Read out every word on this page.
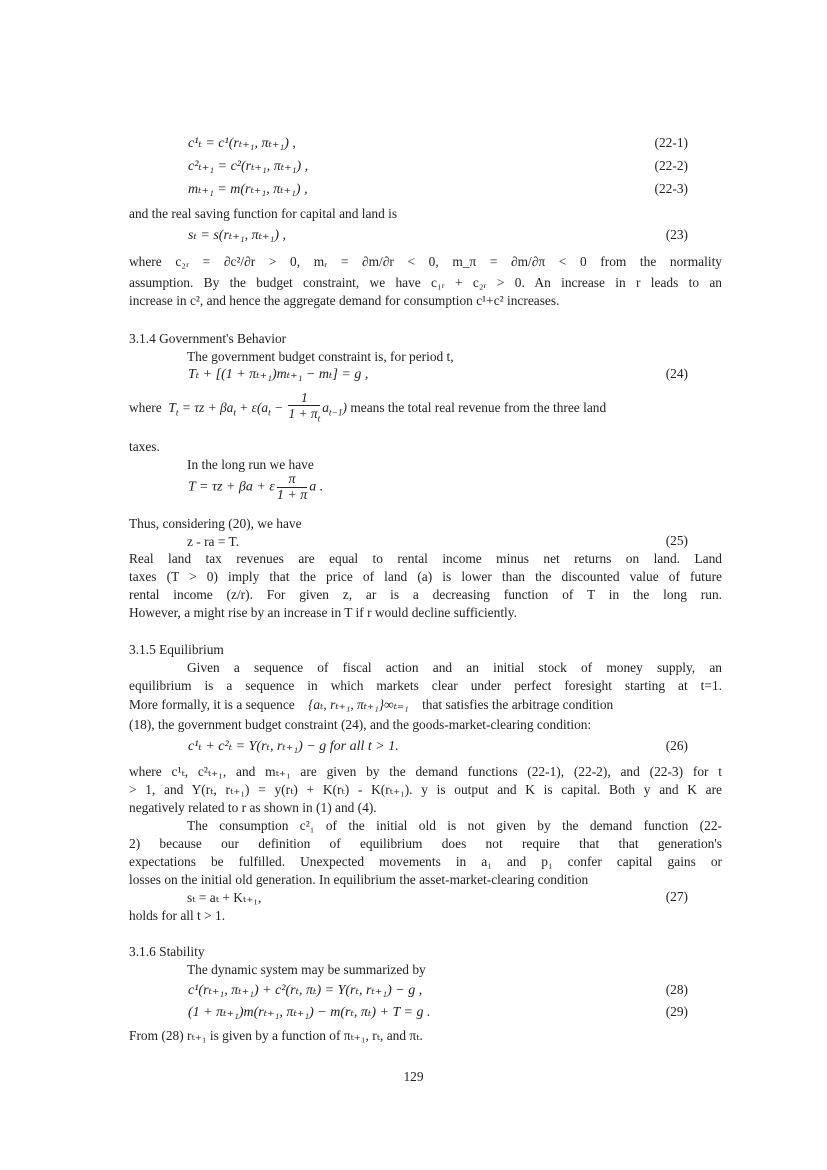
c¹ₜ = c¹(rₜ₊₁, πₜ₊₁) ,	(22-1)
c²ₜ₊₁ = c²(rₜ₊₁, πₜ₊₁) ,	(22-2)
mₜ₊₁ = m(rₜ₊₁, πₜ₊₁) ,	(22-3)
and the real saving function for capital and land is
sₜ = s(rₜ₊₁, πₜ₊₁) ,	(23)
where c₂ᵣ = ∂c²/∂r > 0, mᵣ = ∂m/∂r < 0, m_π = ∂m/∂π < 0 from the normality
assumption. By the budget constraint, we have c₁ᵣ + c₂ᵣ > 0. An increase in r leads to an
increase in c², and hence the aggregate demand for consumption c¹+c² increases.
3.1.4 Government's Behavior
The government budget constraint is, for period t,
Tₜ + [(1 + πₜ₊₁)mₜ₊₁ − mₜ] = g ,	(24)
where  $T_t = \tau z + \beta a_t + \varepsilon(a_t - \frac{1}{1 + \pi_t} a_{t-1})$ means the total real revenue from the three land
taxes.
In the long run we have
T = τz + βa + ε $\frac{\pi}{1 + \pi}$ a .
Thus, considering (20), we have
z - ra = T.	(25)
Real land tax revenues are equal to rental income minus net returns on land. Land
taxes (T > 0) imply that the price of land (a) is lower than the discounted value of future
rental income (z/r). For given z, ar is a decreasing function of T in the long run.
However, a might rise by an increase in T if r would decline sufficiently.
3.1.5 Equilibrium
Given a sequence of fiscal action and an initial stock of money supply, an
equilibrium is a sequence in which markets clear under perfect foresight starting at t=1.
More formally, it is a sequence {aₜ, rₜ₊₁, πₜ₊₁}∞ₜ₌₁ that satisfies the arbitrage condition
(18), the government budget constraint (24), and the goods-market-clearing condition:
c¹ₜ + c²ₜ = Y(rₜ, rₜ₊₁) − g for all t > 1.	(26)
where c¹ₜ, c²ₜ₊₁, and mₜ₊₁ are given by the demand functions (22-1), (22-2), and (22-3) for t
> 1, and Y(rₜ, rₜ₊₁) = y(rₜ) + K(rₜ) - K(rₜ₊₁). y is output and K is capital. Both y and K are
negatively related to r as shown in (1) and (4).
The consumption c²₁ of the initial old is not given by the demand function (22-
2) because our definition of equilibrium does not require that that generation's
expectations be fulfilled. Unexpected movements in a₁ and p₁ confer capital gains or
losses on the initial old generation. In equilibrium the asset-market-clearing condition
sₜ = aₜ + Kₜ₊₁,	(27)
holds for all t > 1.
3.1.6 Stability
The dynamic system may be summarized by
c¹(rₜ₊₁, πₜ₊₁) + c²(rₜ, πₜ) = Y(rₜ, rₜ₊₁) − g ,	(28)
(1 + πₜ₊₁)m(rₜ₊₁, πₜ₊₁) − m(rₜ, πₜ) + T = g .	(29)
From (28) rₜ₊₁ is given by a function of πₜ₊₁, rₜ, and πₜ.
129
